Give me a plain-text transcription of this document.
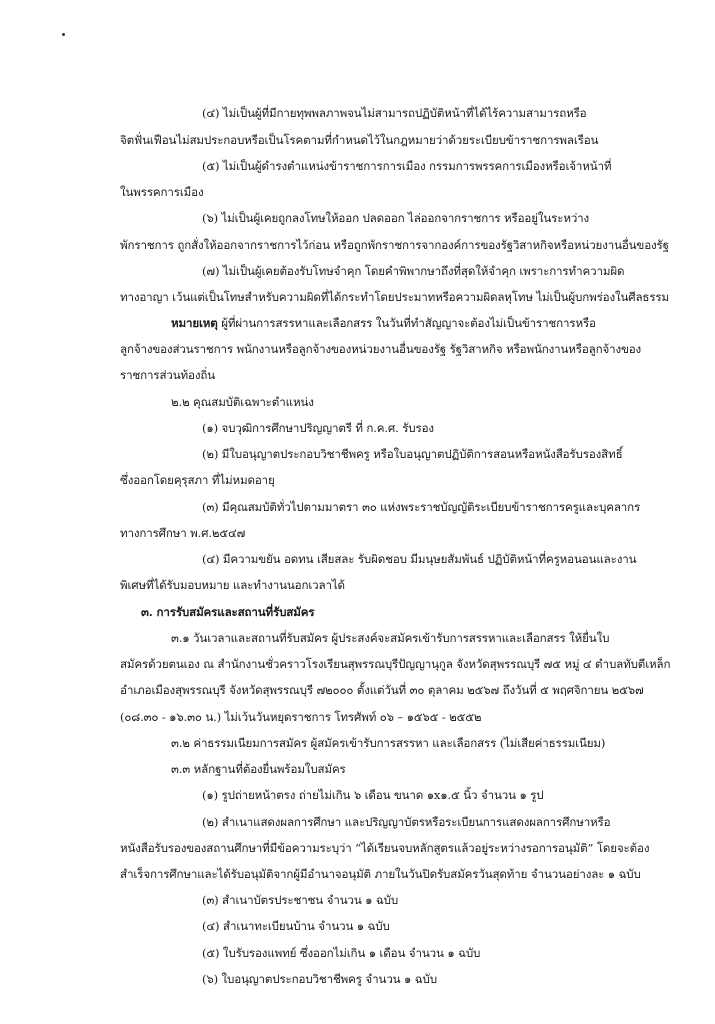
(๔) ไม่เป็นผู้ที่มีกายทุพพลภาพจนไม่สามารถปฏิบัติหน้าที่ได้ไร้ความสามารถหรือ
จิตฟั่นเฟือนไม่สมประกอบหรือเป็นโรคตามที่กำหนดไว้ในกฎหมายว่าด้วยระเบียบข้าราชการพลเรือน
(๕) ไม่เป็นผู้ดำรงตำแหน่งข้าราชการการเมือง กรรมการพรรคการเมืองหรือเจ้าหน้าที่
ในพรรคการเมือง
(๖) ไม่เป็นผู้เคยถูกลงโทษให้ออก ปลดออก ไล่ออกจากราชการ หรืออยู่ในระหว่าง
พักราชการ ถูกสั่งให้ออกจากราชการไว้ก่อน หรือถูกพักราชการจากองค์การของรัฐวิสาหกิจหรือหน่วยงานอื่นของรัฐ
(๗) ไม่เป็นผู้เคยต้องรับโทษจำคุก โดยคำพิพากษาถึงที่สุดให้จำคุก เพราะการทำความผิด
ทางอาญา เว้นแต่เป็นโทษสำหรับความผิดที่ได้กระทำโดยประมาทหรือความผิดลหุโทษ ไม่เป็นผู้บกพร่องในศีลธรรม
หมายเหตุ ผู้ที่ผ่านการสรรหาและเลือกสรร ในวันที่ทำสัญญาจะต้องไม่เป็นข้าราชการหรือ
ลูกจ้างของส่วนราชการ พนักงานหรือลูกจ้างของหน่วยงานอื่นของรัฐ รัฐวิสาหกิจ หรือพนักงานหรือลูกจ้างของ
ราชการส่วนท้องถิ่น
๒.๒ คุณสมบัติเฉพาะตำแหน่ง
(๑) จบวุฒิการศึกษาปริญญาตรี ที่ ก.ค.ศ. รับรอง
(๒) มีใบอนุญาตประกอบวิชาชีพครู หรือใบอนุญาตปฏิบัติการสอนหรือหนังสือรับรองสิทธิ์
ซึ่งออกโดยคุรุสภา ที่ไม่หมดอายุ
(๓) มีคุณสมบัติทั่วไปตามมาตรา ๓๐ แห่งพระราชบัญญัติระเบียบข้าราชการครูและบุคลากร
ทางการศึกษา พ.ศ.๒๕๔๗
(๔) มีความขยัน อดทน เสียสละ รับผิดชอบ มีมนุษยสัมพันธ์ ปฏิบัติหน้าที่ครูหอนอนและงาน
พิเศษที่ได้รับมอบหมาย และทำงานนอกเวลาได้
๓. การรับสมัครและสถานที่รับสมัคร
๓.๑ วันเวลาและสถานที่รับสมัคร ผู้ประสงค์จะสมัครเข้ารับการสรรหาและเลือกสรร ให้ยื่นใบ
สมัครด้วยตนเอง ณ สำนักงานชั่วคราวโรงเรียนสุพรรณบุรีปัญญานุกูล จังหวัดสุพรรณบุรี ๗๕ หมู่ ๔ ตำบลทับตีเหล็ก
อำเภอเมืองสุพรรณบุรี จังหวัดสุพรรณบุรี ๗๒๐๐๐ ตั้งแต่วันที่ ๓๐ ตุลาคม ๒๕๖๗ ถึงวันที่ ๕ พฤศจิกายน ๒๕๖๗
(๐๘.๓๐ - ๑๖.๓๐ น.) ไม่เว้นวันหยุดราชการ โทรศัพท์ ๐๖ – ๑๕๖๕ - ๒๕๕๒
๓.๒ ค่าธรรมเนียมการสมัคร ผู้สมัครเข้ารับการสรรหา และเลือกสรร (ไม่เสียค่าธรรมเนียม)
๓.๓ หลักฐานที่ต้องยื่นพร้อมใบสมัคร
(๑) รูปถ่ายหน้าตรง ถ่ายไม่เกิน ๖ เดือน ขนาด ๑x๑.๕ นิ้ว จำนวน ๑ รูป
(๒) สำเนาแสดงผลการศึกษา และปริญญาบัตรหรือระเบียนการแสดงผลการศึกษาหรือ
หนังสือรับรองของสถานศึกษาที่มีข้อความระบุว่า “ได้เรียนจบหลักสูตรแล้วอยู่ระหว่างรอการอนุมัติ” โดยจะต้อง
สำเร็จการศึกษาและได้รับอนุมัติจากผู้มีอำนาจอนุมัติ ภายในวันปิดรับสมัครวันสุดท้าย จำนวนอย่างละ ๑ ฉบับ
(๓) สำเนาบัตรประชาชน จำนวน ๑ ฉบับ
(๔) สำเนาทะเบียนบ้าน จำนวน ๑ ฉบับ
(๕) ใบรับรองแพทย์ ซึ่งออกไม่เกิน ๑ เดือน จำนวน ๑ ฉบับ
(๖) ใบอนุญาตประกอบวิชาชีพครู จำนวน ๑ ฉบับ
